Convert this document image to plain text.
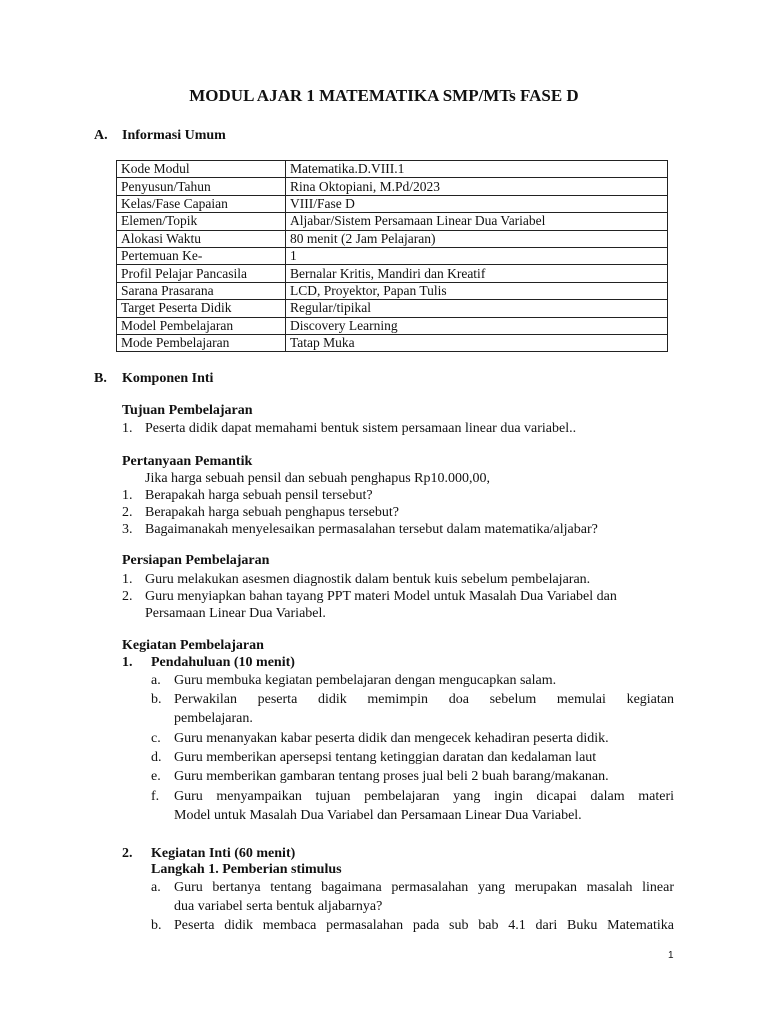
MODUL AJAR 1 MATEMATIKA SMP/MTs FASE D
A. Informasi Umum
Kode Modul	Matematika.D.VIII.1
Penyusun/Tahun	Rina Oktopiani, M.Pd/2023
Kelas/Fase Capaian	VIII/Fase D
Elemen/Topik	Aljabar/Sistem Persamaan Linear Dua Variabel
Alokasi Waktu	80 menit (2 Jam Pelajaran)
Pertemuan Ke-	1
Profil Pelajar Pancasila	Bernalar Kritis, Mandiri dan Kreatif
Sarana Prasarana	LCD, Proyektor, Papan Tulis
Target Peserta Didik	Regular/tipikal
Model Pembelajaran	Discovery Learning
Mode Pembelajaran	Tatap Muka
B. Komponen Inti
Tujuan Pembelajaran
1. Peserta didik dapat memahami bentuk sistem persamaan linear dua variabel..
Pertanyaan Pemantik
Jika harga sebuah pensil dan sebuah penghapus Rp10.000,00,
1. Berapakah harga sebuah pensil tersebut?
2. Berapakah harga sebuah penghapus tersebut?
3. Bagaimanakah menyelesaikan permasalahan tersebut dalam matematika/aljabar?
Persiapan Pembelajaran
1. Guru melakukan asesmen diagnostik dalam bentuk kuis sebelum pembelajaran.
2. Guru menyiapkan bahan tayang PPT materi Model untuk Masalah Dua Variabel dan
Persamaan Linear Dua Variabel.
Kegiatan Pembelajaran
1. Pendahuluan (10 menit)
a. Guru membuka kegiatan pembelajaran dengan mengucapkan salam.
b. Perwakilan peserta didik memimpin doa sebelum memulai kegiatan
pembelajaran.
c. Guru menanyakan kabar peserta didik dan mengecek kehadiran peserta didik.
d. Guru memberikan apersepsi tentang ketinggian daratan dan kedalaman laut
e. Guru memberikan gambaran tentang proses jual beli 2 buah barang/makanan.
f. Guru menyampaikan tujuan pembelajaran yang ingin dicapai dalam materi
Model untuk Masalah Dua Variabel dan Persamaan Linear Dua Variabel.
2. Kegiatan Inti (60 menit)
Langkah 1. Pemberian stimulus
a. Guru bertanya tentang bagaimana permasalahan yang merupakan masalah linear
dua variabel serta bentuk aljabarnya?
b. Peserta didik membaca permasalahan pada sub bab 4.1 dari Buku Matematika
1
